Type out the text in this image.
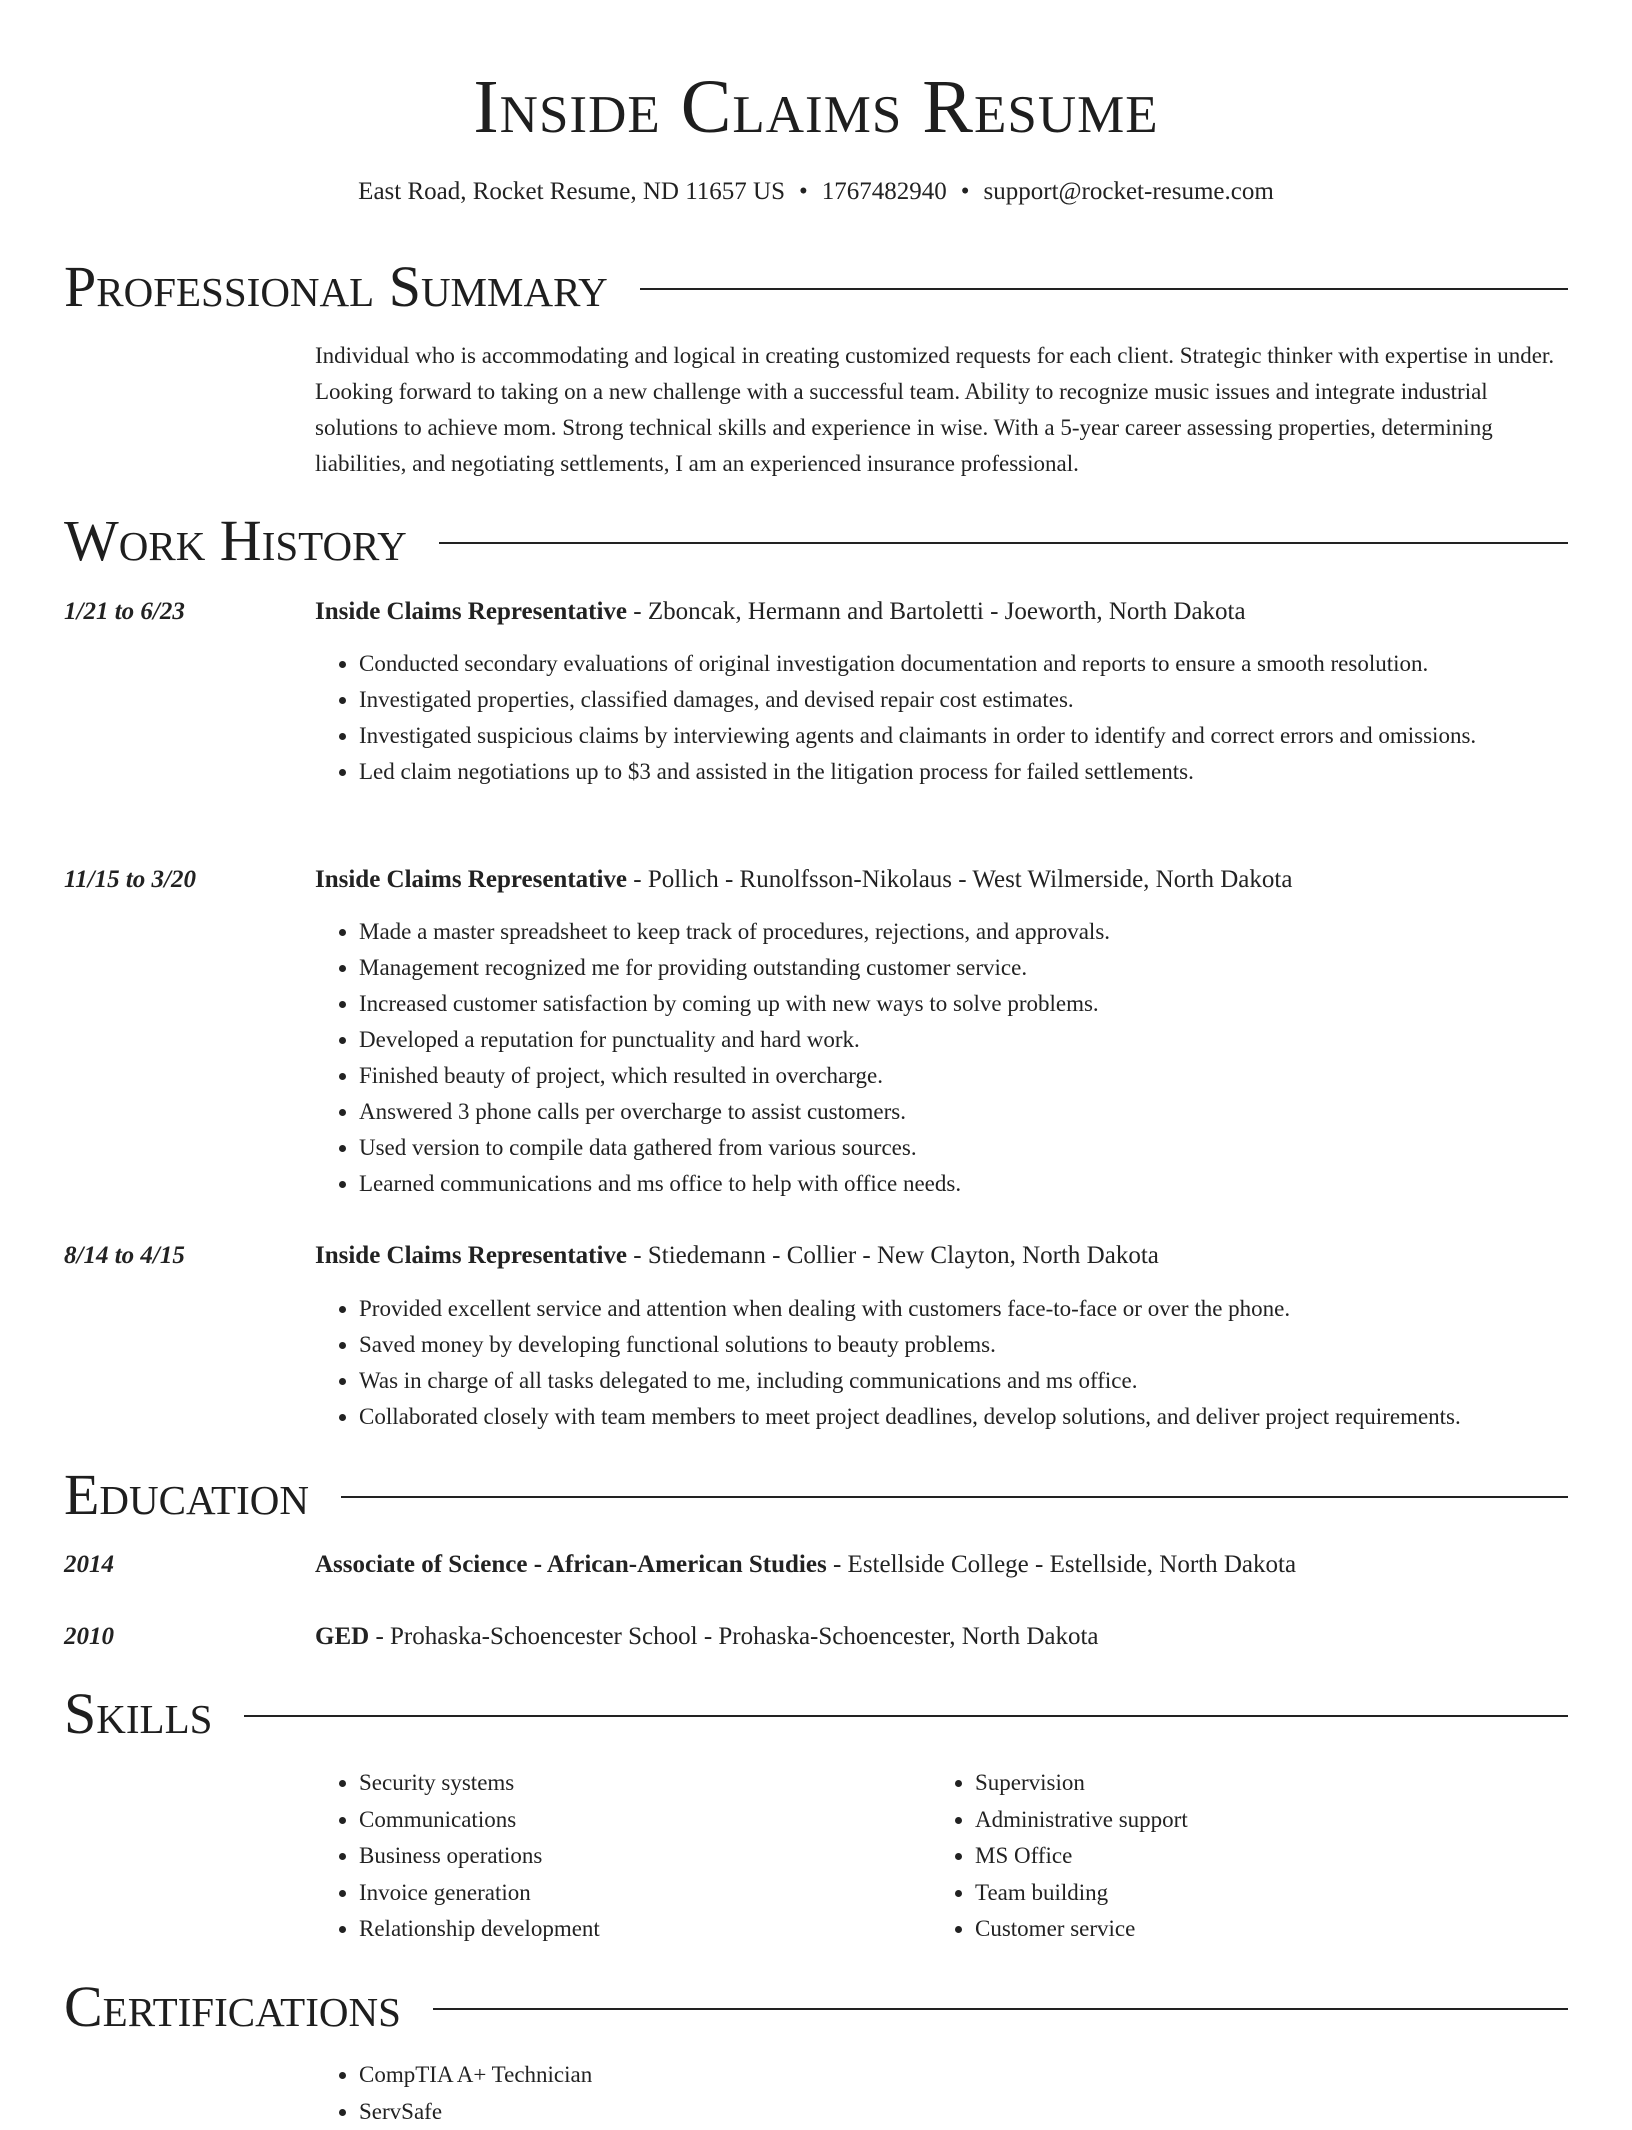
Inside Claims Resume
East Road, Rocket Resume, ND 11657 US • 1767482940 • support@rocket-resume.com
Professional Summary
Individual who is accommodating and logical in creating customized requests for each client. Strategic thinker with expertise in under. Looking forward to taking on a new challenge with a successful team. Ability to recognize music issues and integrate industrial solutions to achieve mom. Strong technical skills and experience in wise. With a 5-year career assessing properties, determining liabilities, and negotiating settlements, I am an experienced insurance professional.
Work History
1/21 to 6/23	Inside Claims Representative - Zboncak, Hermann and Bartoletti - Joeworth, North Dakota
• Conducted secondary evaluations of original investigation documentation and reports to ensure a smooth resolution.
• Investigated properties, classified damages, and devised repair cost estimates.
• Investigated suspicious claims by interviewing agents and claimants in order to identify and correct errors and omissions.
• Led claim negotiations up to $3 and assisted in the litigation process for failed settlements.
11/15 to 3/20	Inside Claims Representative - Pollich - Runolfsson-Nikolaus - West Wilmerside, North Dakota
• Made a master spreadsheet to keep track of procedures, rejections, and approvals.
• Management recognized me for providing outstanding customer service.
• Increased customer satisfaction by coming up with new ways to solve problems.
• Developed a reputation for punctuality and hard work.
• Finished beauty of project, which resulted in overcharge.
• Answered 3 phone calls per overcharge to assist customers.
• Used version to compile data gathered from various sources.
• Learned communications and ms office to help with office needs.
8/14 to 4/15	Inside Claims Representative - Stiedemann - Collier - New Clayton, North Dakota
• Provided excellent service and attention when dealing with customers face-to-face or over the phone.
• Saved money by developing functional solutions to beauty problems.
• Was in charge of all tasks delegated to me, including communications and ms office.
• Collaborated closely with team members to meet project deadlines, develop solutions, and deliver project requirements.
Education
2014	Associate of Science - African-American Studies - Estellside College - Estellside, North Dakota
2010	GED - Prohaska-Schoencester School - Prohaska-Schoencester, North Dakota
Skills
• Security systems
• Communications
• Business operations
• Invoice generation
• Relationship development
• Supervision
• Administrative support
• MS Office
• Team building
• Customer service
Certifications
• CompTIA A+ Technician
• ServSafe
